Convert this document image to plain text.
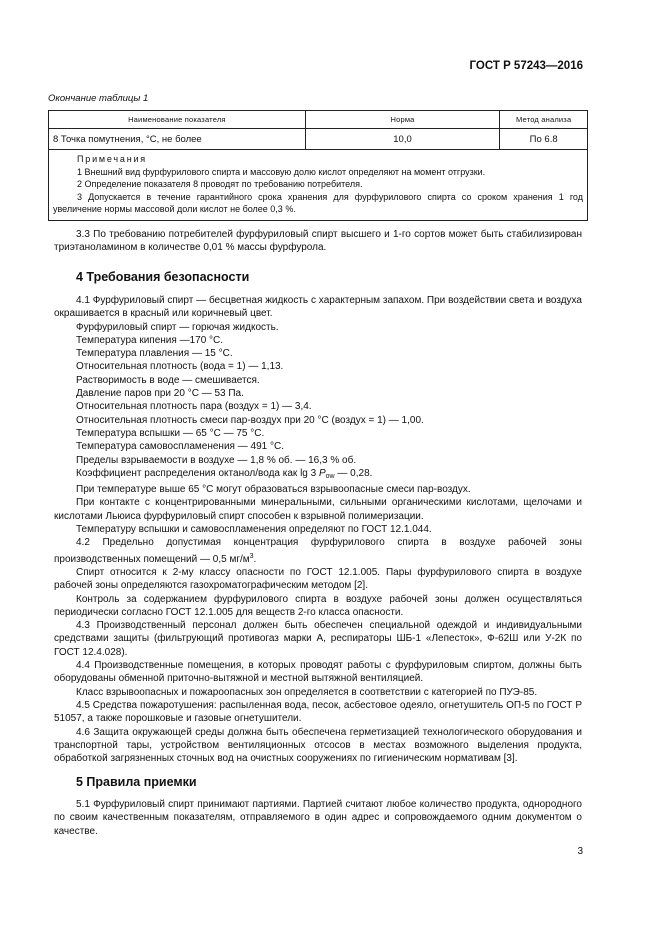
ГОСТ Р 57243—2016
Окончание таблицы 1
Наименование показателя	Норма	Метод анализа
8 Точка помутнения, °С, не более	10,0	По 6.8

Примечания
1 Внешний вид фурфурилового спирта и массовую долю кислот определяют на момент отгрузки.
2 Определение показателя 8 проводят по требованию потребителя.
3 Допускается в течение гарантийного срока хранения для фурфурилового спирта со сроком хранения 1 год увеличение нормы массовой доли кислот не более 0,3 %.		

3.3 По требованию потребителей фурфуриловый спирт высшего и 1-го сортов может быть стабилизирован триэтаноламином в количестве 0,01 % массы фурфурола.

4 Требования безопасности

4.1 Фурфуриловый спирт — бесцветная жидкость с характерным запахом. При воздействии света и воздуха окрашивается в красный или коричневый цвет.

Фурфуриловый спирт — горючая жидкость.

Температура кипения —170 °С.

Температура плавления — 15 °С.

Относительная плотность (вода = 1) — 1,13.

Растворимость в воде — смешивается.

Давление паров при 20 °С — 53 Па.

Относительная плотность пара (воздух = 1) — 3,4.

Относительная плотность смеси пар-воздух при 20 °С (воздух = 1) — 1,00.

Температура вспышки — 65 °С — 75 °С.

Температура самовоспламенения — 491 °С.

Пределы взрываемости в воздухе — 1,8 % об. — 16,3 % об.

Коэффициент распределения октанол/вода как lg 3 $P_{ow}$ — 0,28.

При температуре выше 65 °С могут образоваться взрывоопасные смеси пар-воздух.

При контакте с концентрированными минеральными, сильными органическими кислотами, щелочами и кислотами Льюиса фурфуриловый спирт способен к взрывной полимеризации.

Температуру вспышки и самовоспламенения определяют по ГОСТ 12.1.044.

4.2 Предельно допустимая концентрация фурфурилового спирта в воздухе рабочей зоны производственных помещений — 0,5 $мг/м^3$.

Спирт относится к 2-му классу опасности по ГОСТ 12.1.005. Пары фурфурилового спирта в воздухе рабочей зоны определяются газохроматографическим методом [2].

Контроль за содержанием фурфурилового спирта в воздухе рабочей зоны должен осуществляться периодически согласно ГОСТ 12.1.005 для веществ 2-го класса опасности.

4.3 Производственный персонал должен быть обеспечен специальной одеждой и индивидуальными средствами защиты (фильтрующий противогаз марки А, респираторы ШБ-1 «Лепесток», Ф-62Ш или У-2К по ГОСТ 12.4.028).

4.4 Производственные помещения, в которых проводят работы с фурфуриловым спиртом, должны быть оборудованы обменной приточно-вытяжной и местной вытяжной вентиляцией.

Класс взрывоопасных и пожароопасных зон определяется в соответствии с категорией по ПУЭ-85.

4.5 Средства пожаротушения: распыленная вода, песок, асбестовое одеяло, огнетушитель ОП-5 по ГОСТ Р 51057, а также порошковые и газовые огнетушители.

4.6 Защита окружающей среды должна быть обеспечена герметизацией технологического оборудования и транспортной тары, устройством вентиляционных отсосов в местах возможного выделения продукта, обработкой загрязненных сточных вод на очистных сооружениях по гигиеническим нормативам [3].

5 Правила приемки

5.1 Фурфуриловый спирт принимают партиями. Партией считают любое количество продукта, однородного по своим качественным показателям, отправляемого в один адрес и сопровождаемого одним документом о качестве.

3
